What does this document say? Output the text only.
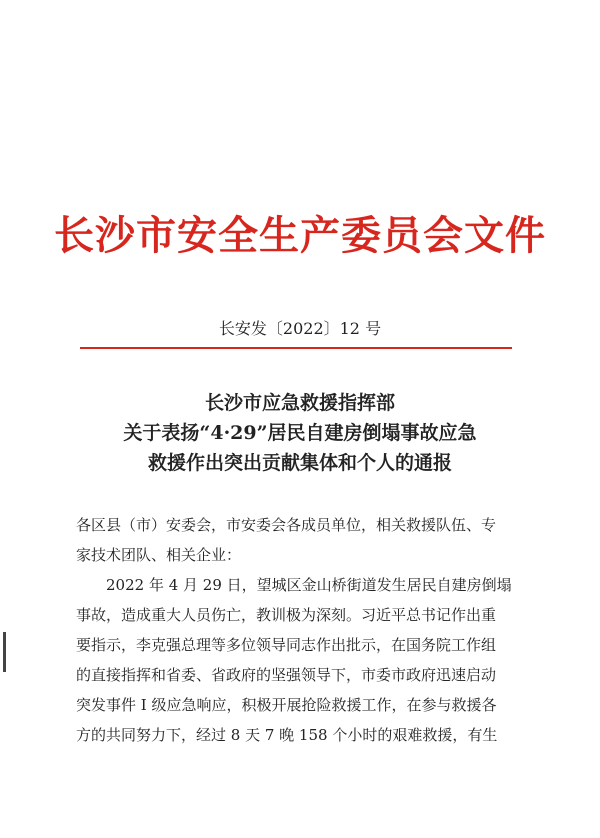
长沙市安全生产委员会文件
长安发〔2022〕12 号
长沙市应急救援指挥部
关于表扬“4·29”居民自建房倒塌事故应急
救援作出突出贡献集体和个人的通报
各区县（市）安委会，市安委会各成员单位，相关救援队伍、专
家技术团队、相关企业：
2022 年 4 月 29 日，望城区金山桥街道发生居民自建房倒塌
事故，造成重大人员伤亡，教训极为深刻。习近平总书记作出重
要指示，李克强总理等多位领导同志作出批示，在国务院工作组
的直接指挥和省委、省政府的坚强领导下，市委市政府迅速启动
突发事件 I 级应急响应，积极开展抢险救援工作，在参与救援各
方的共同努力下，经过 8 天 7 晚 158 个小时的艰难救援，有生
